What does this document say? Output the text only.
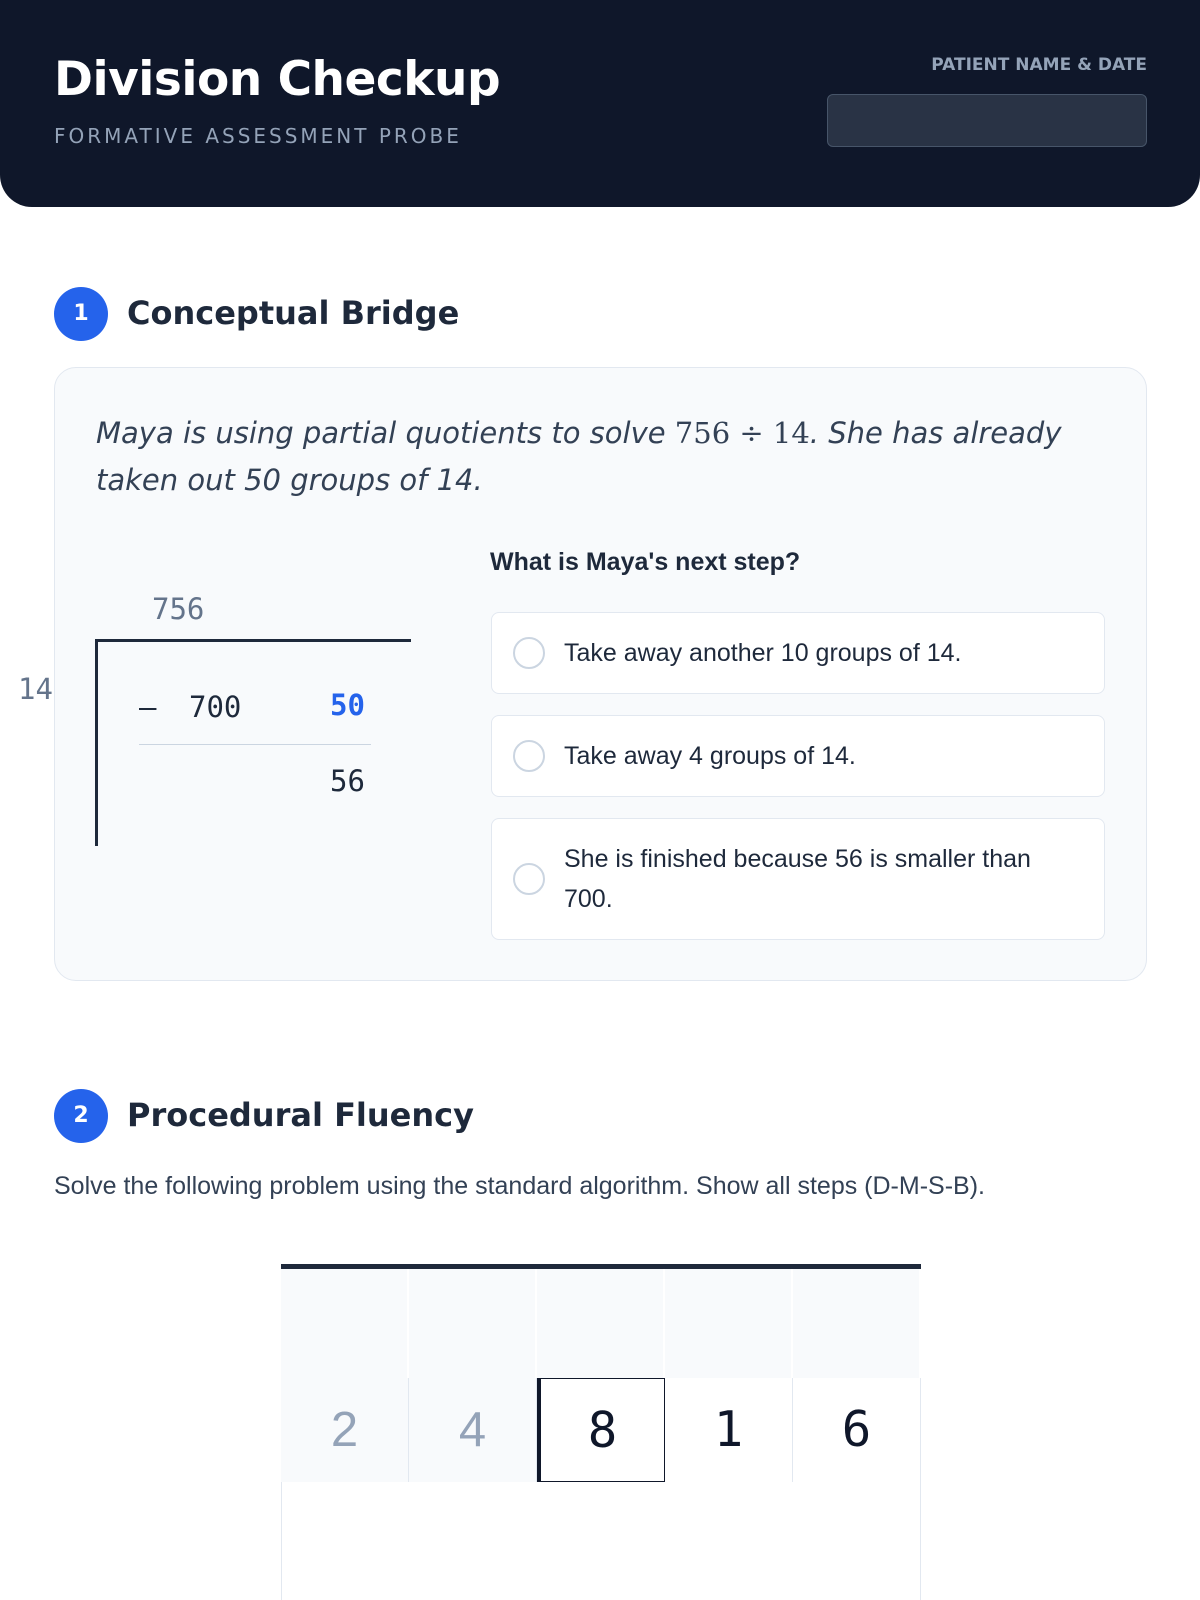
Division Checkup
FORMATIVE ASSESSMENT PROBE
PATIENT NAME & DATE
1	Conceptual Bridge
Maya is using partial quotients to solve 756 ÷ 14. She has already taken out 50 groups of 14.
14
756
— 700	50
56
What is Maya's next step?
Take away another 10 groups of 14.
Take away 4 groups of 14.
She is finished because 56 is smaller than 700.
2	Procedural Fluency
Solve the following problem using the standard algorithm. Show all steps (D-M-S-B).
2	4	8	1	6
